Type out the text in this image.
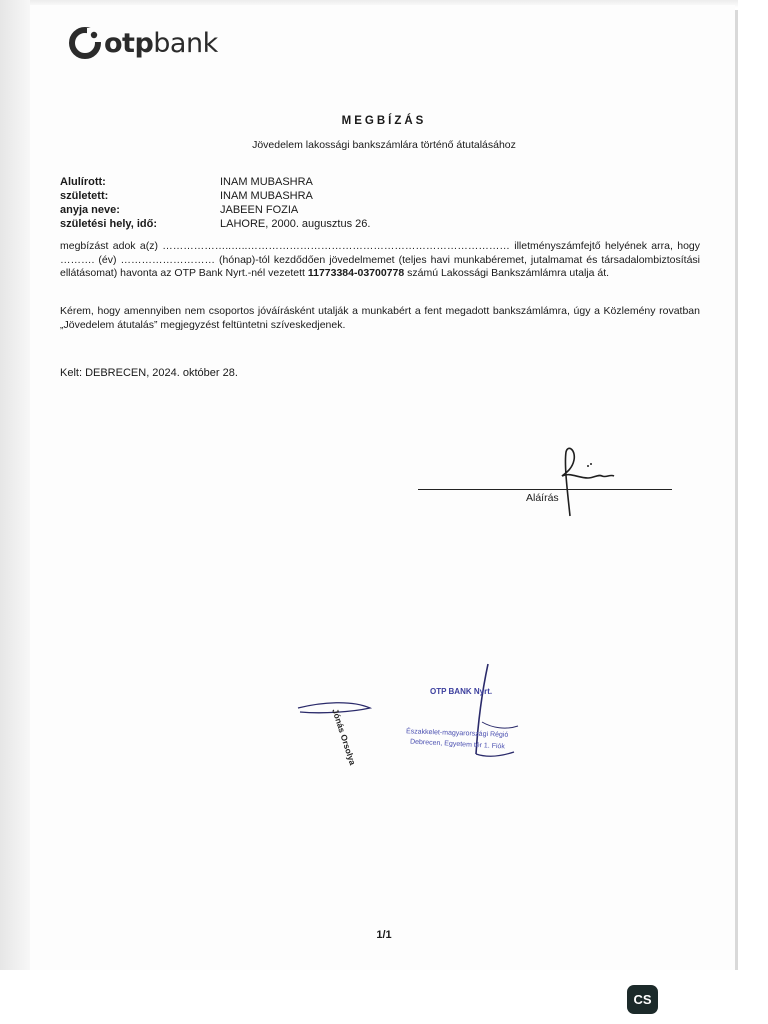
otpbank
MEGBÍZÁS
Jövedelem lakossági bankszámlára történő átutalásához
Alulírott:	INAM MUBASHRA
született:	INAM MUBASHRA
anyja neve:	JABEEN FOZIA
születési hely, idő:	LAHORE, 2000. augusztus 26.
megbízást adok a(z) ………………..…..………………………………………………………………… illetményszámfejtő helyének arra, hogy ………. (év) ……………………… (hónap)-tól kezdődően jövedelmemet (teljes havi munkabéremet, jutalmamat és társadalombiztosítási ellátásomat) havonta az OTP Bank Nyrt.-nél vezetett 11773384-03700778 számú Lakossági Bankszámlámra utalja át.
Kérem, hogy amennyiben nem csoportos jóváírásként utalják a munkabért a fent megadott bankszámlámra, úgy a Közlemény rovatban „Jövedelem átutalás” megjegyzést feltüntetni szíveskedjenek.
Kelt: DEBRECEN, 2024. október 28.
Aláírás
Jónás Orsolya
OTP BANK Nyrt.
Északkelet-magyarországi Régió
Debrecen, Egyetem tér 1. Fiók
1/1
CS
